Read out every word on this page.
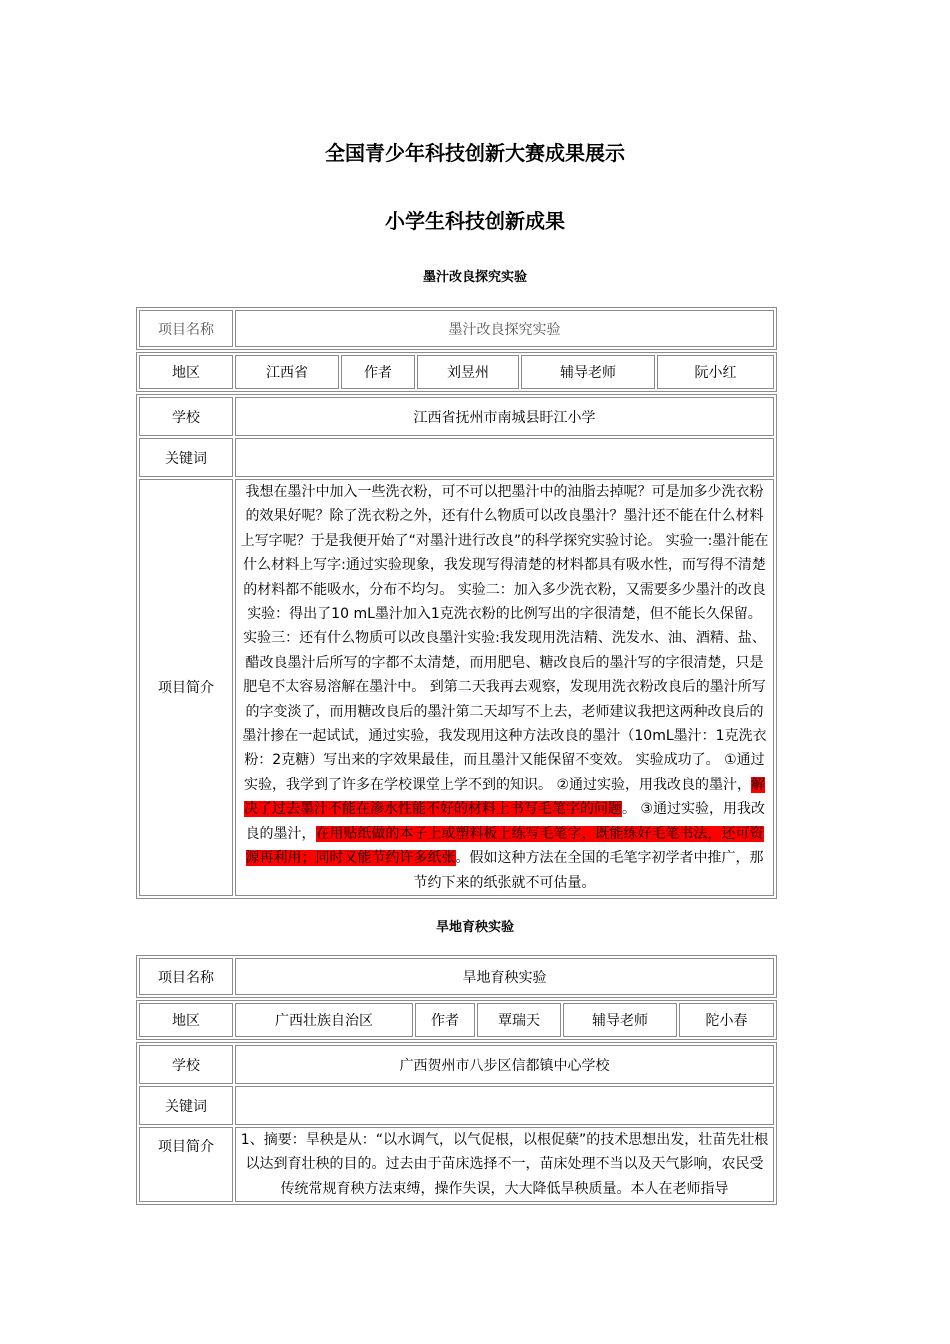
全国青少年科技创新大赛成果展示
小学生科技创新成果
墨汁改良探究实验
项目名称	墨汁改良探究实验
地区	江西省	作者	刘昱州	辅导老师	阮小红
学校	江西省抚州市南城县盱江小学
关键词	
项目简介	我想在墨汁中加入一些洗衣粉，可不可以把墨汁中的油脂去掉呢？可是加多少洗衣粉的效果好呢？除了洗衣粉之外，还有什么物质可以改良墨汁？墨汁还不能在什么材料上写字呢？于是我便开始了“对墨汁进行改良”的科学探究实验讨论。 实验一:墨汁能在什么材料上写字:通过实验现象，我发现写得清楚的材料都具有吸水性，而写得不清楚的材料都不能吸水，分布不均匀。 实验二：加入多少洗衣粉，又需要多少墨汁的改良实验：得出了10 mL墨汁加入1克洗衣粉的比例写出的字很清楚，但不能长久保留。 实验三：还有什么物质可以改良墨汁实验:我发现用洗洁精、洗发水、油、酒精、盐、醋改良墨汁后所写的字都不太清楚，而用肥皂、糖改良后的墨汁写的字很清楚，只是肥皂不太容易溶解在墨汁中。 到第二天我再去观察，发现用洗衣粉改良后的墨汁所写的字变淡了，而用糖改良后的墨汁第二天却写不上去，老师建议我把这两种改良后的墨汁掺在一起试试，通过实验，我发现用这种方法改良的墨汁（10mL墨汁：1克洗衣粉：2克糖）写出来的字效果最佳，而且墨汁又能保留不变效。 实验成功了。 ①通过实验，我学到了许多在学校课堂上学不到的知识。 ②通过实验，用我改良的墨汁，解决了过去墨汁不能在渗水性能不好的材料上书写毛笔字的问题。 ③通过实验，用我改良的墨汁，在用贴纸做的本子上或塑料板上练写毛笔字，既能练好毛笔书法，还可资源再利用；同时又能节约许多纸张。假如这种方法在全国的毛笔字初学者中推广，那节约下来的纸张就不可估量。
旱地育秧实验
项目名称	旱地育秧实验
地区	广西壮族自治区	作者	覃瑞天	辅导老师	陀小春
学校	广西贺州市八步区信都镇中心学校
关键词	
项目简介	1、摘要：旱秧是从：“以水调气，以气促根，以根促蘖”的技术思想出发，壮苗先壮根以达到育壮秧的目的。过去由于苗床选择不一，苗床处理不当以及天气影响，农民受传统常规育秧方法束缚，操作失误，大大降低旱秧质量。本人在老师指导
